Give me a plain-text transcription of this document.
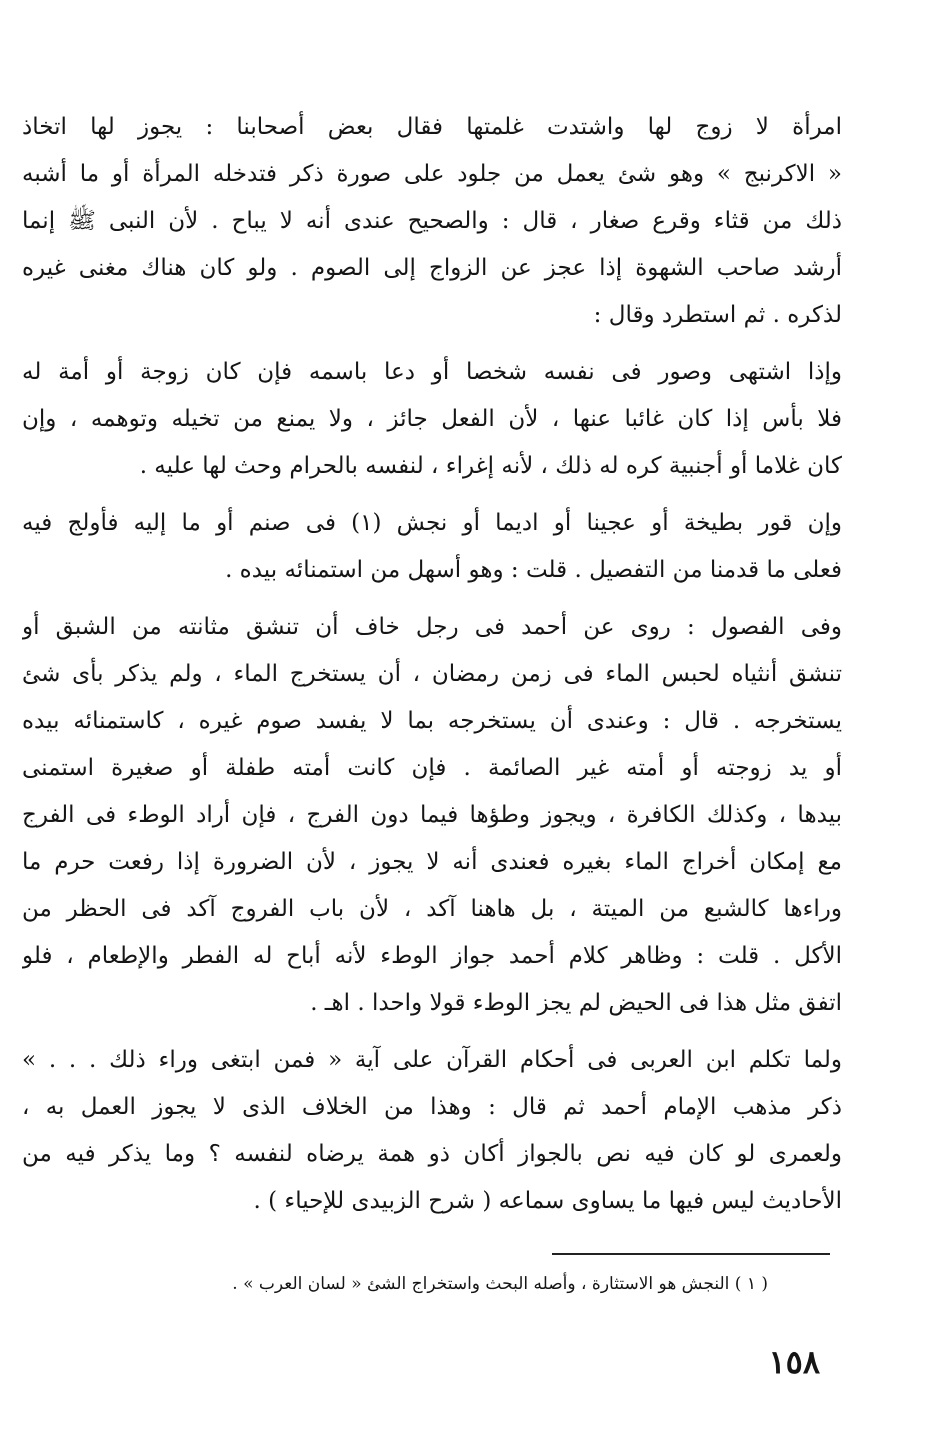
امرأة لا زوج لها واشتدت غلمتها فقال بعض أصحابنا : يجوز لها اتخاذ
« الاكرنبج » وهو شئ يعمل من جلود على صورة ذكر فتدخله المرأة أو ما أشبه
ذلك من قثاء وقرع صغار ، قال : والصحيح عندى أنه لا يباح . لأن النبى ﷺ إنما
أرشد صاحب الشهوة إذا عجز عن الزواج إلى الصوم . ولو كان هناك مغنى غيره
لذكره . ثم استطرد وقال :
وإذا اشتهى وصور فى نفسه شخصا أو دعا باسمه فإن كان زوجة أو أمة له
فلا بأس إذا كان غائبا عنها ، لأن الفعل جائز ، ولا يمنع من تخيله وتوهمه ، وإن
كان غلاما أو أجنبية كره له ذلك ، لأنه إغراء ، لنفسه بالحرام وحث لها عليه .
وإن قور بطيخة أو عجينا أو اديما أو نجش (١) فى صنم أو ما إليه فأولج فيه
فعلى ما قدمنا من التفصيل . قلت : وهو أسهل من استمنائه بيده .
وفى الفصول : روى عن أحمد فى رجل خاف أن تنشق مثانته من الشبق أو
تنشق أنثياه لحبس الماء فى زمن رمضان ، أن يستخرج الماء ، ولم يذكر بأى شئ
يستخرجه . قال : وعندى أن يستخرجه بما لا يفسد صوم غيره ، كاستمنائه بيده
أو يد زوجته أو أمته غير الصائمة . فإن كانت أمته طفلة أو صغيرة استمنى
بيدها ، وكذلك الكافرة ، ويجوز وطؤها فيما دون الفرج ، فإن أراد الوطء فى الفرج
مع إمكان أخراج الماء بغيره فعندى أنه لا يجوز ، لأن الضرورة إذا رفعت حرم ما
وراءها كالشبع من الميتة ، بل هاهنا آكد ، لأن باب الفروج آكد فى الحظر من
الأكل . قلت : وظاهر كلام أحمد جواز الوطء لأنه أباح له الفطر والإطعام ، فلو
اتفق مثل هذا فى الحيض لم يجز الوطء قولا واحدا . اهـ .
ولما تكلم ابن العربى فى أحكام القرآن على آية « فمن ابتغى وراء ذلك . . . »
ذكر مذهب الإمام أحمد ثم قال : وهذا من الخلاف الذى لا يجوز العمل به ،
ولعمرى لو كان فيه نص بالجواز أكان ذو همة يرضاه لنفسه ؟ وما يذكر فيه من
الأحاديث ليس فيها ما يساوى سماعه ( شرح الزبيدى للإحياء ) .
( ١ ) النجش هو الاستثارة ، وأصله البحث واستخراج الشئ « لسان العرب » .
١٥٨
